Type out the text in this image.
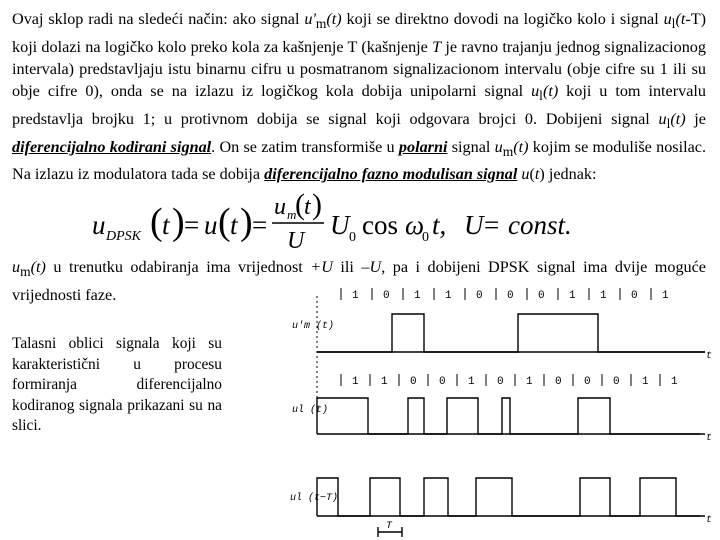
Ovaj sklop radi na sledeći način: ako signal $u'_m(t)$ koji se direktno dovodi na logičko kolo i signal $u_l(t-T)$ koji dolazi na logičko kolo preko kola za kašnjenje T (kašnjenje T je ravno trajanju jednog signalizacionog intervala) predstavljaju istu binarnu cifru u posmatranom signalizacionom intervalu (obje cifre su 1 ili su obje cifre 0), onda se na izlazu iz logičkog kola dobija unipolarni signal $u_l(t)$ koji u tom intervalu predstavlja brojku 1; u protivnom dobija se signal koji odgovara brojci 0. Dobijeni signal $u_l(t)$ je diferencijalno kodirani signal. On se zatim transformiše u polarni signal $u_m(t)$ kojim se moduliše nosilac. Na izlazu iz modulatora tada se dobija diferencijalno fazno modulisan signal u(t) jednak:
u DPSK ( t ) = u ( t ) =
u m
( t )
U
U 0 cos ω
0 t, U = const.
$u_m(t)$ u trenutku odabiranja ima vrijednost +U ili –U, pa i dobijeni DPSK signal ima dvije moguće vrijednosti faze.
Talasni oblici signala koji su karakteristični u procesu formiranja diferencijalno kodiranog signala prikazani su na slici.
1 0 1 1 0 0 0 1 1 0 1
1 1 0 0 1 0 1 0 0 0 1 1
u'm (t)
ul (t)
ul (t−T)
t
t
t
T
